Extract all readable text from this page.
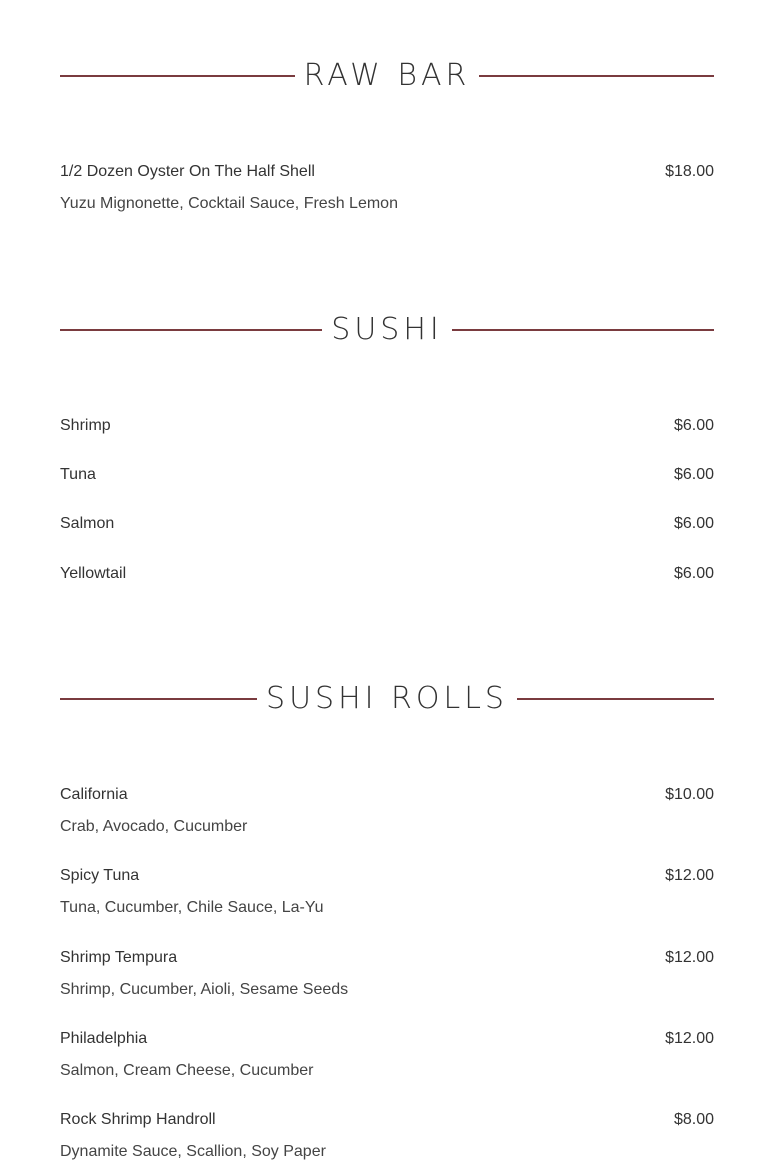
RAW BAR
1/2 Dozen Oyster On The Half Shell	$18.00
Yuzu Mignonette, Cocktail Sauce, Fresh Lemon
SUSHI
Shrimp	$6.00
Tuna	$6.00
Salmon	$6.00
Yellowtail	$6.00
SUSHI ROLLS
California	$10.00
Crab, Avocado, Cucumber
Spicy Tuna	$12.00
Tuna, Cucumber, Chile Sauce, La-Yu
Shrimp Tempura	$12.00
Shrimp, Cucumber, Aioli, Sesame Seeds
Philadelphia	$12.00
Salmon, Cream Cheese, Cucumber
Rock Shrimp Handroll	$8.00
Dynamite Sauce, Scallion, Soy Paper
